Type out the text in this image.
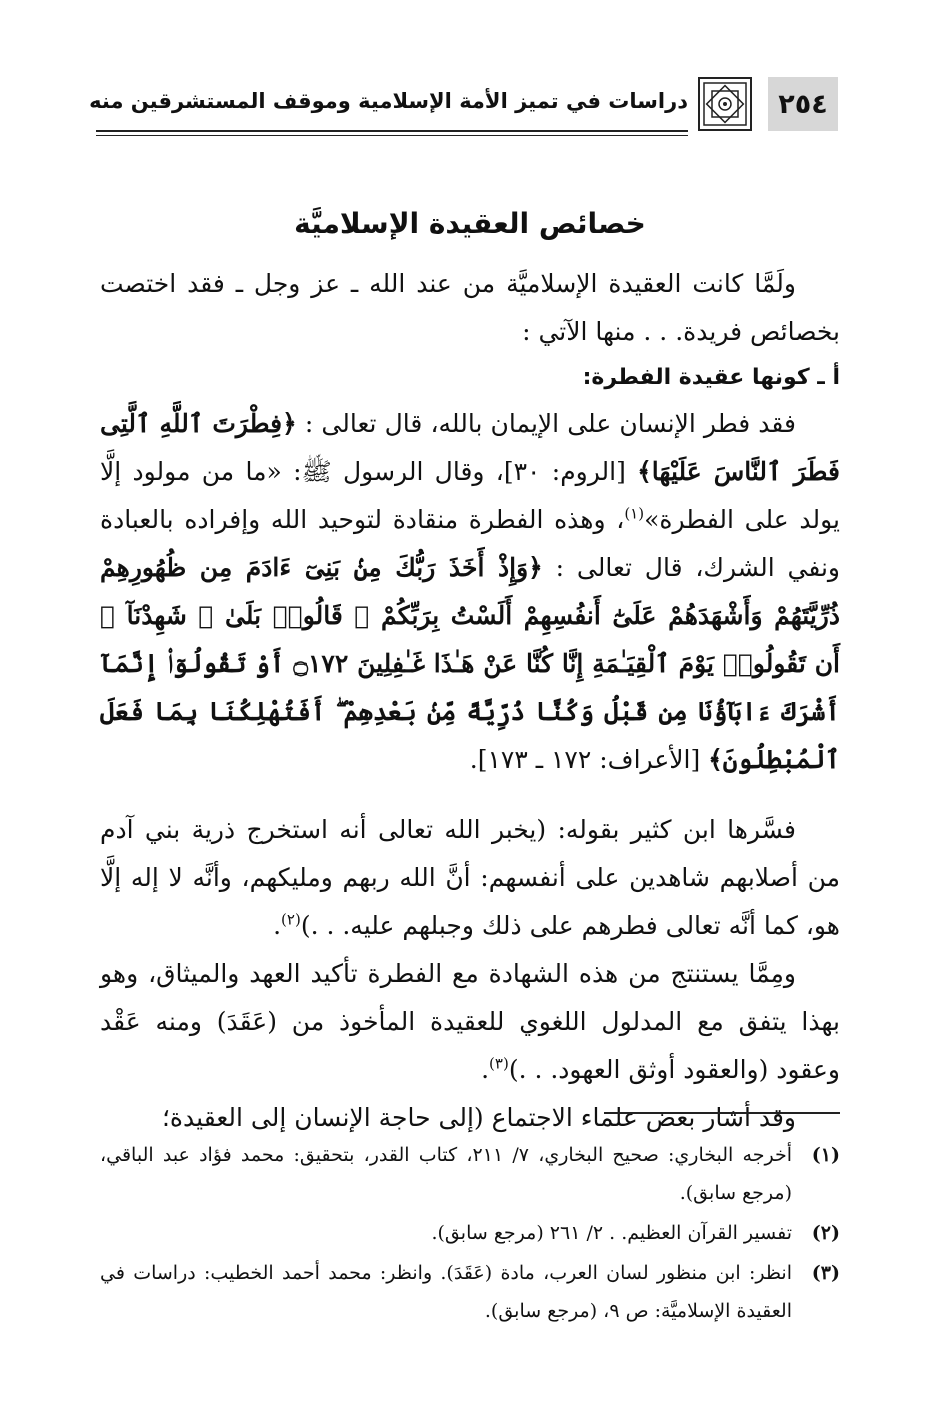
٢٥٤
دراسات في تميز الأمة الإسلامية وموقف المستشرقين منه
خصائص العقيدة الإسلاميَّة

ولَمَّا كانت العقيدة الإسلاميَّة من عند الله ـ عز وجل ـ فقد اختصت بخصائص فريدة. . . منها الآتي :

أ ـ كونها عقيدة الفطرة:

فقد فطر الإنسان على الإيمان بالله، قال تعالى : ﴿فِطْرَتَ ٱللَّهِ ٱلَّتِى فَطَرَ ٱلنَّاسَ عَلَيْهَا﴾ [الروم: ٣٠]، وقال الرسول ﷺ: «ما من مولود إلَّا يولد على الفطرة»$^{(١)}$، وهذه الفطرة منقادة لتوحيد الله وإفراده بالعبادة ونفي الشرك، قال تعالى : ﴿وَإِذْ أَخَذَ رَبُّكَ مِنۢ بَنِىٓ ءَادَمَ مِن ظُهُورِهِمْ ذُرِّيَّتَهُمْ وَأَشْهَدَهُمْ عَلَىٰٓ أَنفُسِهِمْ أَلَسْتُ بِرَبِّكُمْ ۖ قَالُوا۟ بَلَىٰ ۛ شَهِدْنَآ ۛ أَن تَقُولُوا۟ يَوْمَ ٱلْقِيَـٰمَةِ إِنَّا كُنَّا عَنْ هَـٰذَا غَـٰفِلِينَ ۝١٧٢ أَوْ تَقُولُوٓا۟ إِنَّمَآ أَشْرَكَ ءَابَآؤُنَا مِن قَبْلُ وَكُنَّا ذُرِّيَّةً مِّنۢ بَعْدِهِمْ ۖ أَفَتُهْلِكُنَا بِمَا فَعَلَ ٱلْمُبْطِلُونَ﴾ [الأعراف: ١٧٢ ـ ١٧٣].

فسَّرها ابن كثير بقوله: (يخبر الله تعالى أنه استخرج ذرية بني آدم من أصلابهم شاهدين على أنفسهم: أنَّ الله ربهم ومليكهم، وأنَّه لا إله إلَّا هو، كما أنَّه تعالى فطرهم على ذلك وجبلهم عليه. . .)$^{(٢)}$.

ومِمَّا يستنتج من هذه الشهادة مع الفطرة تأكيد العهد والميثاق، وهو بهذا يتفق مع المدلول اللغوي للعقيدة المأخوذ من (عَقَدَ) ومنه عَقْد وعقود (والعقود أوثق العهود. . .)$^{(٣)}$.

وقد أشار بعض علماء الاجتماع (إلى حاجة الإنسان إلى العقيدة؛

(١)
أخرجه البخاري: صحيح البخاري، ٧/ ٢١١، كتاب القدر، بتحقيق: محمد فؤاد عبد الباقي، (مرجع سابق).
(٢)
تفسير القرآن العظيم. . ٢/ ٢٦١ (مرجع سابق).
(٣)
انظر: ابن منظور لسان العرب، مادة (عَقَدَ). وانظر: محمد أحمد الخطيب: دراسات في العقيدة الإسلاميَّة: ص ٩، (مرجع سابق).
